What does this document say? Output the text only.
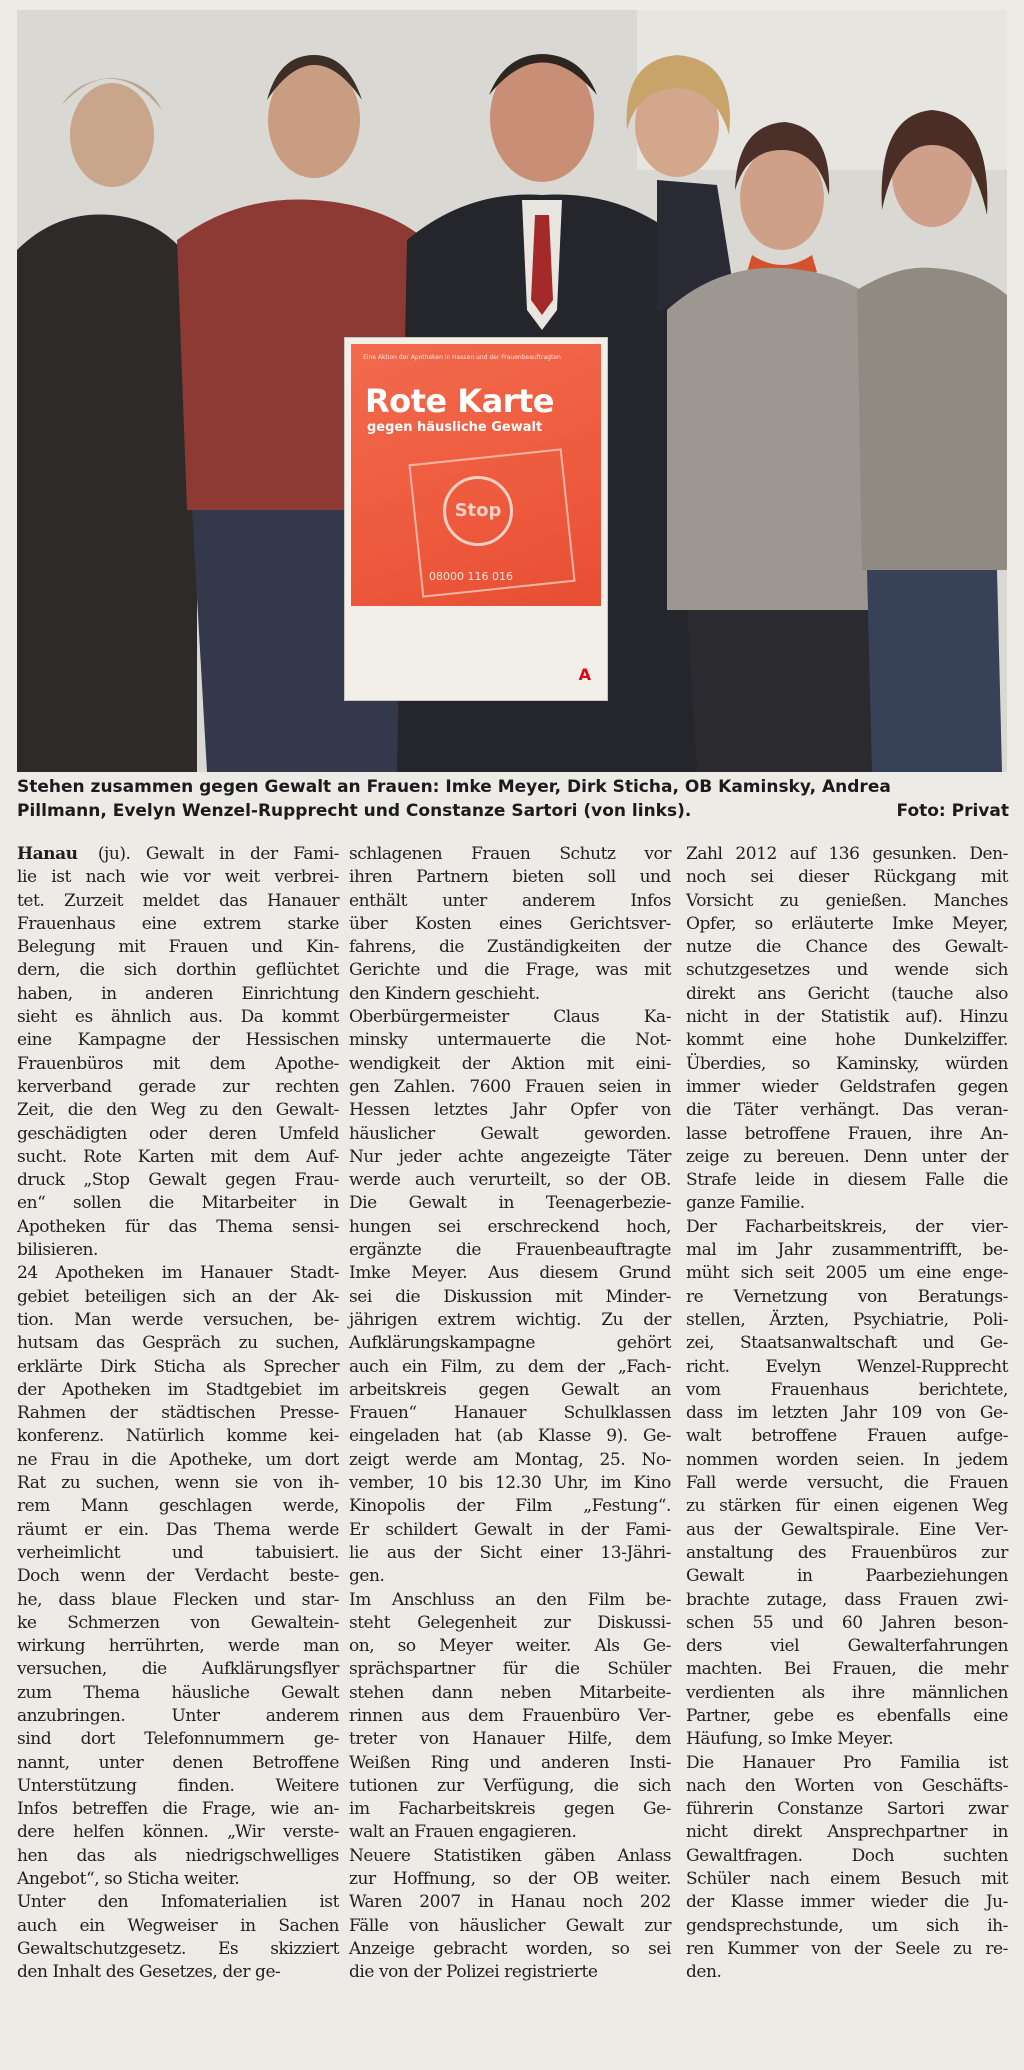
Eine Aktion der Apotheken in Hessen und der Frauenbeauftragten
Rote Karte
gegen häusliche Gewalt
Stop
08000 116 016
A
Stehen zusammen gegen Gewalt an Frauen: Imke Meyer, Dirk Sticha, OB Kaminsky, Andrea
Pillmann, Evelyn Wenzel-Rupprecht und Constanze Sartori (von links).	Foto: Privat
Hanau (ju). Gewalt in der Fami-
lie ist nach wie vor weit verbrei-
tet. Zurzeit meldet das Hanauer
Frauenhaus eine extrem starke
Belegung mit Frauen und Kin-
dern, die sich dorthin geflüchtet
haben, in anderen Einrichtung
sieht es ähnlich aus. Da kommt
eine Kampagne der Hessischen
Frauenbüros mit dem Apothe-
kerverband gerade zur rechten
Zeit, die den Weg zu den Gewalt-
geschädigten oder deren Umfeld
sucht. Rote Karten mit dem Auf-
druck „Stop Gewalt gegen Frau-
en“ sollen die Mitarbeiter in
Apotheken für das Thema sensi-
bilisieren.
24 Apotheken im Hanauer Stadt-
gebiet beteiligen sich an der Ak-
tion. Man werde versuchen, be-
hutsam das Gespräch zu suchen,
erklärte Dirk Sticha als Sprecher
der Apotheken im Stadtgebiet im
Rahmen der städtischen Presse-
konferenz. Natürlich komme kei-
ne Frau in die Apotheke, um dort
Rat zu suchen, wenn sie von ih-
rem Mann geschlagen werde,
räumt er ein. Das Thema werde
verheimlicht	und	tabuisiert.
Doch wenn der Verdacht beste-
he, dass blaue Flecken und star-
ke Schmerzen von Gewaltein-
wirkung herrührten, werde man
versuchen, die Aufklärungsflyer
zum Thema häusliche Gewalt
anzubringen.	Unter	anderem
sind dort Telefonnummern ge-
nannt, unter denen Betroffene
Unterstützung finden. Weitere
Infos betreffen die Frage, wie an-
dere helfen können. „Wir verste-
hen das als niedrigschwelliges
Angebot“, so Sticha weiter.
Unter den Infomaterialien ist
auch ein Wegweiser in Sachen
Gewaltschutzgesetz. Es skizziert
den Inhalt des Gesetzes, der ge-
schlagenen Frauen Schutz vor
ihren Partnern bieten soll und
enthält unter anderem Infos
über Kosten eines Gerichtsver-
fahrens, die Zuständigkeiten der
Gerichte und die Frage, was mit
den Kindern geschieht.
Oberbürgermeister	Claus	Ka-
minsky untermauerte die Not-
wendigkeit der Aktion mit eini-
gen Zahlen. 7600 Frauen seien in
Hessen letztes Jahr Opfer von
häuslicher	Gewalt	geworden.
Nur jeder achte angezeigte Täter
werde auch verurteilt, so der OB.
Die Gewalt in Teenagerbezie-
hungen sei erschreckend hoch,
ergänzte die Frauenbeauftragte
Imke Meyer. Aus diesem Grund
sei die Diskussion mit Minder-
jährigen extrem wichtig. Zu der
Aufklärungskampagne	gehört
auch ein Film, zu dem der „Fach-
arbeitskreis gegen Gewalt an
Frauen“ Hanauer Schulklassen
eingeladen hat (ab Klasse 9). Ge-
zeigt werde am Montag, 25. No-
vember, 10 bis 12.30 Uhr, im Kino
Kinopolis der Film „Festung“.
Er schildert Gewalt in der Fami-
lie aus der Sicht einer 13-Jähri-
gen.
Im Anschluss an den Film be-
steht Gelegenheit zur Diskussi-
on, so Meyer weiter. Als Ge-
sprächspartner für die Schüler
stehen dann neben Mitarbeite-
rinnen aus dem Frauenbüro Ver-
treter von Hanauer Hilfe, dem
Weißen Ring und anderen Insti-
tutionen zur Verfügung, die sich
im Facharbeitskreis gegen Ge-
walt an Frauen engagieren.
Neuere Statistiken gäben Anlass
zur Hoffnung, so der OB weiter.
Waren 2007 in Hanau noch 202
Fälle von häuslicher Gewalt zur
Anzeige gebracht worden, so sei
die von der Polizei registrierte
Zahl 2012 auf 136 gesunken. Den-
noch sei dieser Rückgang mit
Vorsicht zu genießen. Manches
Opfer, so erläuterte Imke Meyer,
nutze die Chance des Gewalt-
schutzgesetzes und wende sich
direkt ans Gericht (tauche also
nicht in der Statistik auf). Hinzu
kommt eine hohe Dunkelziffer.
Überdies, so Kaminsky, würden
immer wieder Geldstrafen gegen
die Täter verhängt. Das veran-
lasse betroffene Frauen, ihre An-
zeige zu bereuen. Denn unter der
Strafe leide in diesem Falle die
ganze Familie.
Der Facharbeitskreis, der vier-
mal im Jahr zusammentrifft, be-
müht sich seit 2005 um eine enge-
re Vernetzung von Beratungs-
stellen, Ärzten, Psychiatrie, Poli-
zei, Staatsanwaltschaft und Ge-
richt. Evelyn Wenzel-Rupprecht
vom	Frauenhaus	berichtete,
dass im letzten Jahr 109 von Ge-
walt betroffene Frauen aufge-
nommen worden seien. In jedem
Fall werde versucht, die Frauen
zu stärken für einen eigenen Weg
aus der Gewaltspirale. Eine Ver-
anstaltung des Frauenbüros zur
Gewalt	in	Paarbeziehungen
brachte zutage, dass Frauen zwi-
schen 55 und 60 Jahren beson-
ders	viel	Gewalterfahrungen
machten. Bei Frauen, die mehr
verdienten als ihre männlichen
Partner, gebe es ebenfalls eine
Häufung, so Imke Meyer.
Die Hanauer Pro Familia ist
nach den Worten von Geschäfts-
führerin Constanze Sartori zwar
nicht direkt Ansprechpartner in
Gewaltfragen.	Doch	suchten
Schüler nach einem Besuch mit
der Klasse immer wieder die Ju-
gendsprechstunde, um sich ih-
ren Kummer von der Seele zu re-
den.
